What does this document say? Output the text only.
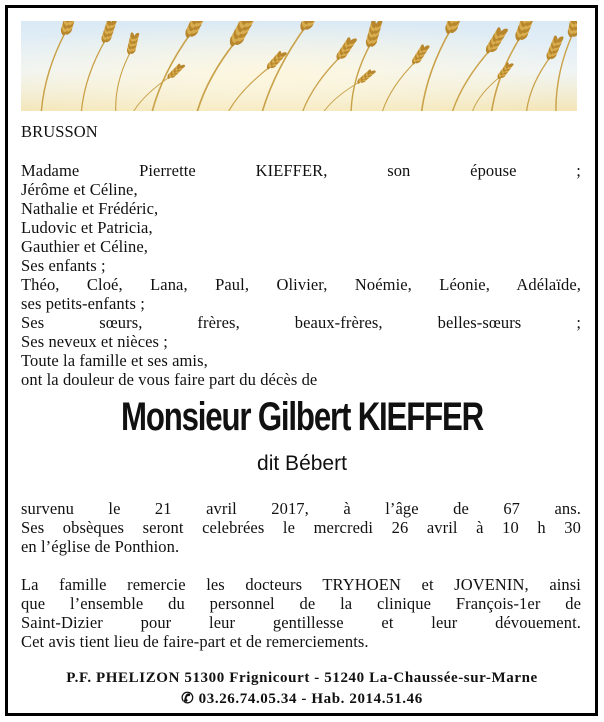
BRUSSON
Madame Pierrette KIEFFER, son épouse ;
Jérôme et Céline,
Nathalie et Frédéric,
Ludovic et Patricia,
Gauthier et Céline,
Ses enfants ;
Théo, Cloé, Lana, Paul, Olivier, Noémie, Léonie, Adélaïde,
ses petits-enfants ;
Ses sœurs, frères, beaux-frères, belles-sœurs ;
Ses neveux et nièces ;
Toute la famille et ses amis,
ont la douleur de vous faire part du décès de
Monsieur Gilbert KIEFFER
dit Bébert
survenu le 21 avril 2017, à l’âge de 67 ans.
Ses obsèques seront celebrées le mercredi 26 avril à 10 h 30
en l’église de Ponthion.
La famille remercie les docteurs TRYHOEN et JOVENIN, ainsi
que l’ensemble du personnel de la clinique François-1er de
Saint-Dizier pour leur gentillesse et leur dévouement.
Cet avis tient lieu de faire-part et de remerciements.
P.F. PHELIZON 51300 Frignicourt - 51240 La-Chaussée-sur-Marne
✆ 03.26.74.05.34 - Hab. 2014.51.46
